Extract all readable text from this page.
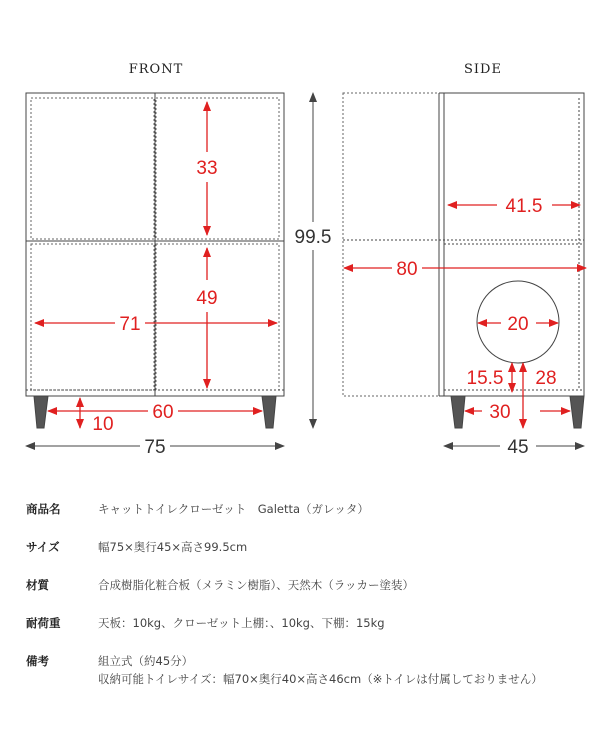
FRONT	SIDE
33
49
71
60
10
75
99.5
41.5
80
20
15.5 28
30
45
商品名	キャットトイレクローゼット　Galetta（ガレッタ）
サイズ	幅75×奥行45×高さ99.5cm
材質	合成樹脂化粧合板（メラミン樹脂）、天然木（ラッカー塗装）
耐荷重	天板：10kg、クローゼット上棚：、10kg、下棚：15kg
備考	組立式（約45分）
収納可能トイレサイズ：幅70×奥行40×高さ46cm（※トイレは付属しておりません）
